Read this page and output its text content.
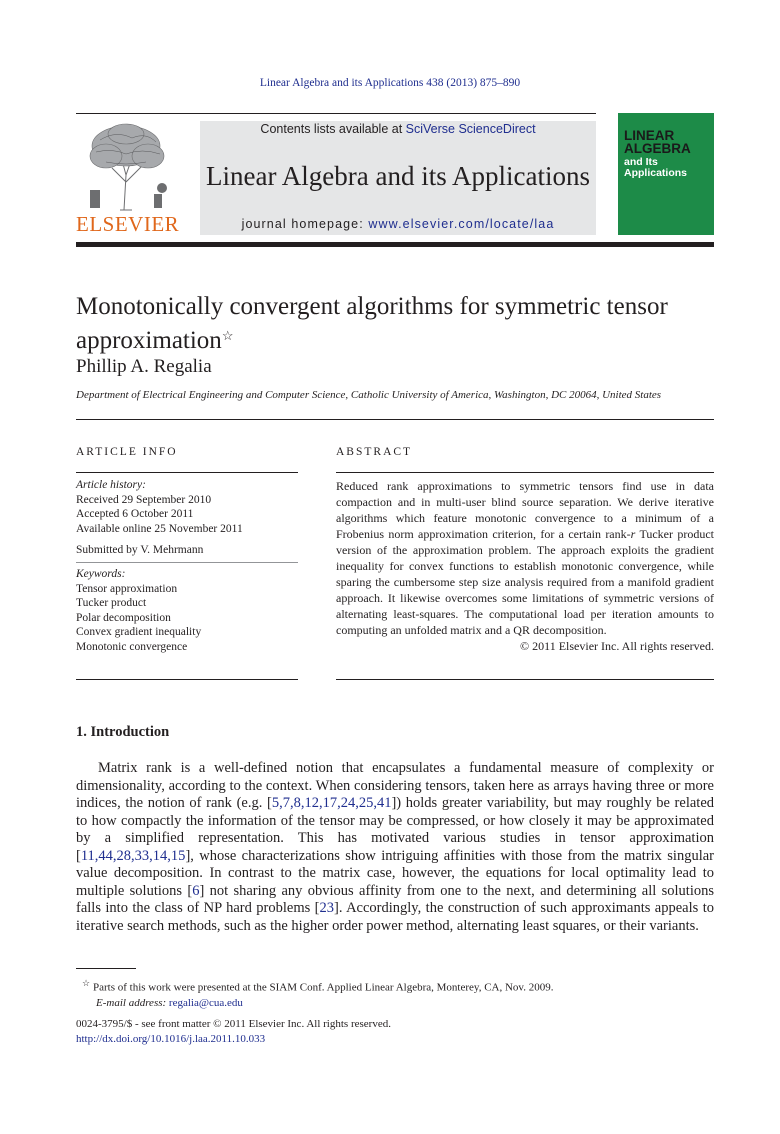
Linear Algebra and its Applications 438 (2013) 875–890
ELSEVIER
Contents lists available at SciVerse ScienceDirect
Linear Algebra and its Applications
journal homepage: www.elsevier.com/locate/laa
LINEAR
ALGEBRA
and Its
Applications
Monotonically convergent algorithms for symmetric tensor approximation☆
Phillip A. Regalia
Department of Electrical Engineering and Computer Science, Catholic University of America, Washington, DC 20064, United States
ARTICLE INFO
Article history:
Received 29 September 2010
Accepted 6 October 2011
Available online 25 November 2011
Submitted by V. Mehrmann
Keywords:
Tensor approximation
Tucker product
Polar decomposition
Convex gradient inequality
Monotonic convergence
ABSTRACT
Reduced rank approximations to symmetric tensors find use in data compaction and in multi-user blind source separation. We derive iterative algorithms which feature monotonic convergence to a minimum of a Frobenius norm approximation criterion, for a certain rank-r Tucker product version of the approximation problem. The approach exploits the gradient inequality for convex functions to establish monotonic convergence, while sparing the cumbersome step size analysis required from a manifold gradient approach. It likewise overcomes some limitations of symmetric versions of alternating least-squares. The computational load per iteration amounts to computing an unfolded matrix and a QR decomposition.
© 2011 Elsevier Inc. All rights reserved.
1. Introduction
Matrix rank is a well-defined notion that encapsulates a fundamental measure of complexity or dimensionality, according to the context. When considering tensors, taken here as arrays having three or more indices, the notion of rank (e.g. [5,7,8,12,17,24,25,41]) holds greater variability, but may roughly be related to how compactly the information of the tensor may be compressed, or how closely it may be approximated by a simplified representation. This has motivated various studies in tensor approximation [11,44,28,33,14,15], whose characterizations show intriguing affinities with those from the matrix singular value decomposition. In contrast to the matrix case, however, the equations for local optimality lead to multiple solutions [6] not sharing any obvious affinity from one to the next, and determining all solutions falls into the class of NP hard problems [23]. Accordingly, the construction of such approximants appeals to iterative search methods, such as the higher order power method, alternating least squares, or their variants.
☆ Parts of this work were presented at the SIAM Conf. Applied Linear Algebra, Monterey, CA, Nov. 2009.
E-mail address: regalia@cua.edu
0024-3795/$ - see front matter © 2011 Elsevier Inc. All rights reserved.
http://dx.doi.org/10.1016/j.laa.2011.10.033
